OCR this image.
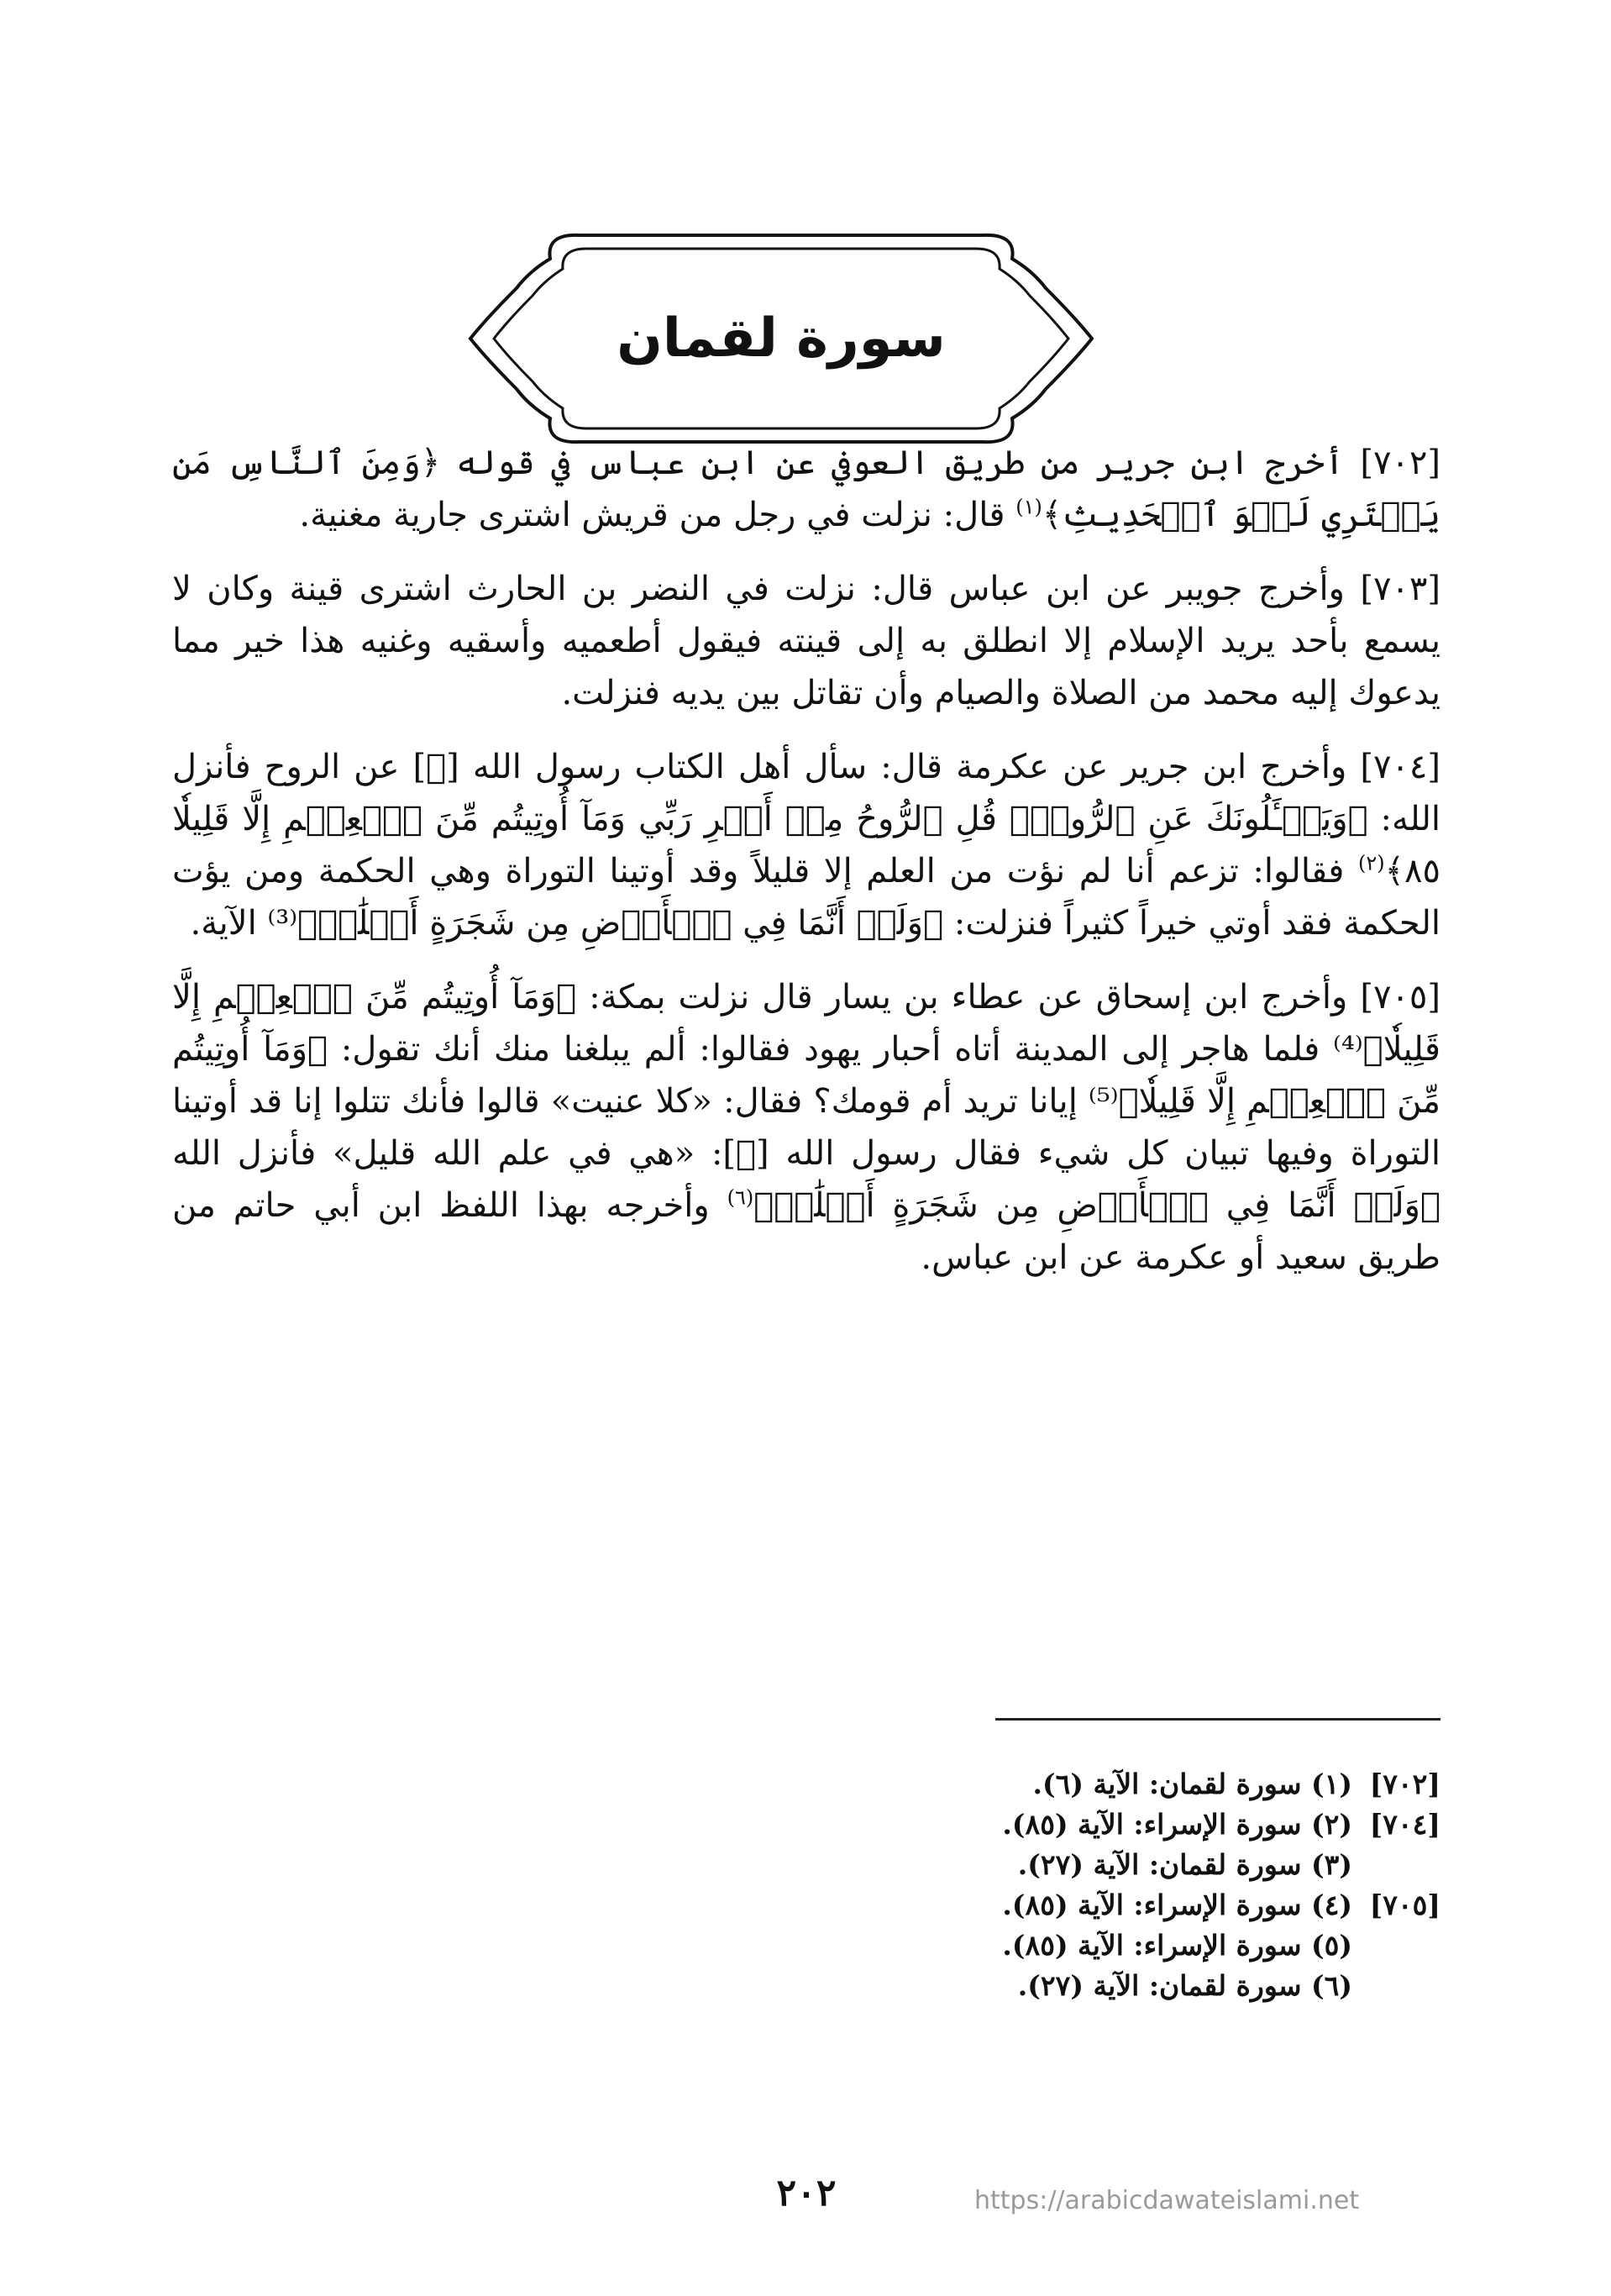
سورة لقمان

[٧٠٢] أخرج ابن جرير من طريق العوفي عن ابن عباس في قوله ﴿وَمِنَ ٱلنَّاسِ مَن يَشۡتَرِي لَهۡوَ ٱلۡحَدِيثِ﴾$^{(١)}$ قال: نزلت في رجل من قريش اشترى جارية مغنية.

[٧٠٣] وأخرج جويبر عن ابن عباس قال: نزلت في النضر بن الحارث اشترى قينة وكان لا يسمع بأحد يريد الإسلام إلا انطلق به إلى قينته فيقول أطعميه وأسقيه وغنيه هذا خير مما يدعوك إليه محمد من الصلاة والصيام وأن تقاتل بين يديه فنزلت.

[٧٠٤] وأخرج ابن جرير عن عكرمة قال: سأل أهل الكتاب رسول الله [ﷺ] عن الروح فأنزل الله: ﴿وَيَسۡـَٔلُونَكَ عَنِ ٱلرُّوحِۖ قُلِ ٱلرُّوحُ مِنۡ أَمۡرِ رَبِّي وَمَآ أُوتِيتُم مِّنَ ٱلۡعِلۡمِ إِلَّا قَلِيلٗا ٨٥﴾$^{(٢)}$ فقالوا: تزعم أنا لم نؤت من العلم إلا قليلاً وقد أوتينا التوراة وهي الحكمة ومن يؤت الحكمة فقد أوتي خيراً كثيراً فنزلت: ﴿وَلَوۡ أَنَّمَا فِي ٱلۡأَرۡضِ مِن شَجَرَةٍ أَقۡلَٰمٞ﴾⁽³⁾ الآية.

[٧٠٥] وأخرج ابن إسحاق عن عطاء بن يسار قال نزلت بمكة: ﴿وَمَآ أُوتِيتُم مِّنَ ٱلۡعِلۡمِ إِلَّا قَلِيلٗا﴾⁽⁴⁾ فلما هاجر إلى المدينة أتاه أحبار يهود فقالوا: ألم يبلغنا منك أنك تقول: ﴿وَمَآ أُوتِيتُم مِّنَ ٱلۡعِلۡمِ إِلَّا قَلِيلٗا﴾⁽⁵⁾ إيانا تريد أم قومك؟ فقال: «كلا عنيت» قالوا فأنك تتلوا إنا قد أوتينا التوراة وفيها تبيان كل شيء فقال رسول الله [ﷺ]: «هي في علم الله قليل» فأنزل الله ﴿وَلَوۡ أَنَّمَا فِي ٱلۡأَرۡضِ مِن شَجَرَةٍ أَقۡلَٰمٞ﴾$^{(٦)}$ وأخرجه بهذا اللفظ ابن أبي حاتم من طريق سعيد أو عكرمة عن ابن عباس.

[٧٠٢](١) سورة لقمان: الآية (٦).
[٧٠٤](٢) سورة الإسراء: الآية (٨٥).
(٣) سورة لقمان: الآية (٢٧).
[٧٠٥](٤) سورة الإسراء: الآية (٨٥).
(٥) سورة الإسراء: الآية (٨٥).
(٦) سورة لقمان: الآية (٢٧).
٢٠٢	https://arabicdawateislami.net
